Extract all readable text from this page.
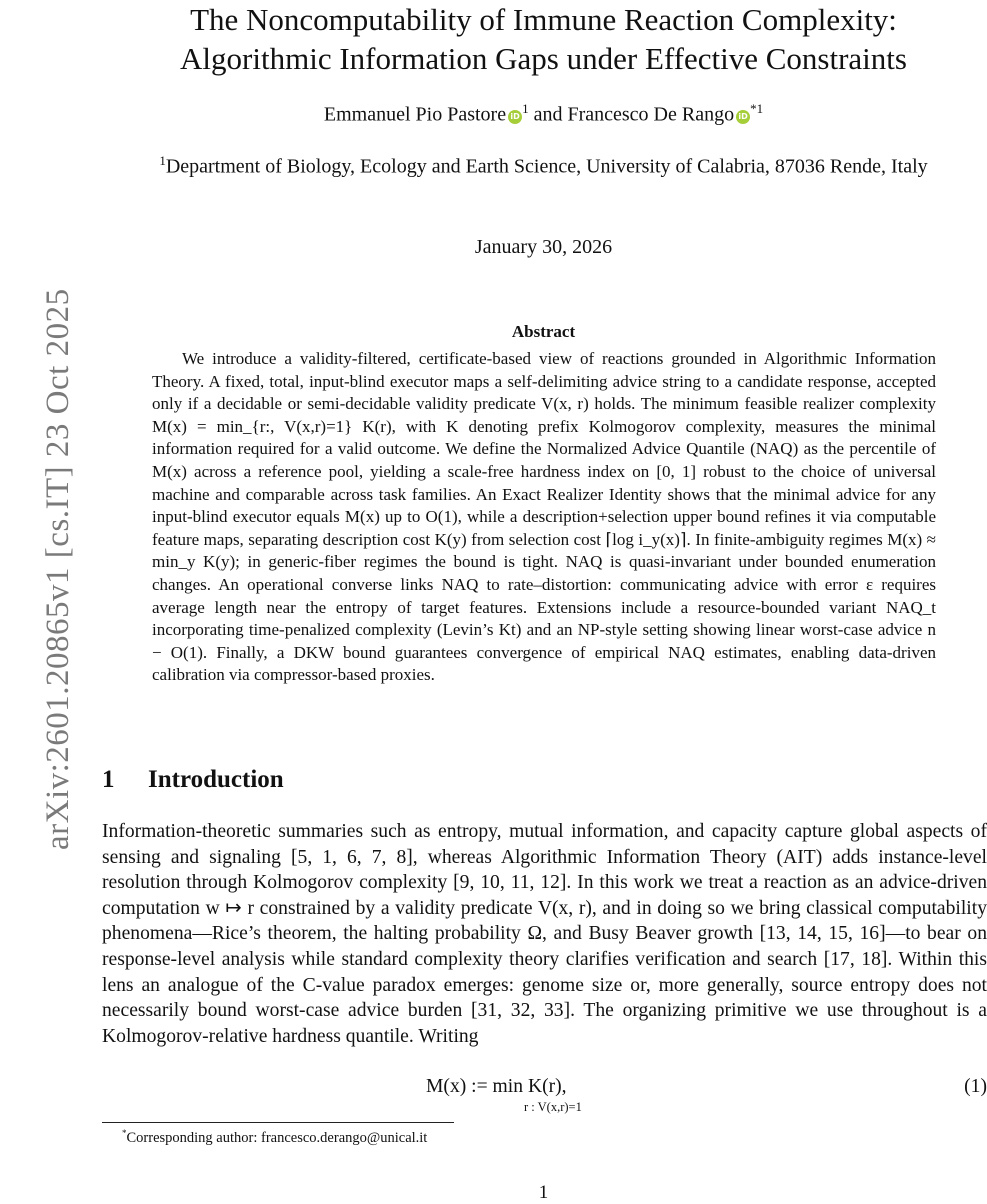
arXiv:2601.20865v1 [cs.IT] 23 Oct 2025
The Noncomputability of Immune Reaction Complexity:
Algorithmic Information Gaps under Effective Constraints
Emmanuel Pio Pastore $iD^1$ and Francesco De Rango $iD^{*1}$
$^1$Department of Biology, Ecology and Earth Science, University of Calabria, 87036 Rende, Italy
January 30, 2026
Abstract

We introduce a validity-filtered, certificate-based view of reactions grounded in Algorithmic Information Theory. A fixed, total, input-blind executor maps a self-delimiting advice string to a candidate response, accepted only if a decidable or semi-decidable validity predicate V(x, r) holds. The minimum feasible realizer complexity M(x) = min_{r:, V(x,r)=1} K(r), with K denoting prefix Kolmogorov complexity, measures the minimal information required for a valid outcome. We define the Normalized Advice Quantile (NAQ) as the percentile of M(x) across a reference pool, yielding a scale-free hardness index on [0, 1] robust to the choice of universal machine and comparable across task families. An Exact Realizer Identity shows that the minimal advice for any input-blind executor equals M(x) up to O(1), while a description+selection upper bound refines it via computable feature maps, separating description cost K(y) from selection cost ⌈log i_y(x)⌉. In finite-ambiguity regimes M(x) ≈ min_y K(y); in generic-fiber regimes the bound is tight. NAQ is quasi-invariant under bounded enumeration changes. An operational converse links NAQ to rate–distortion: communicating advice with error ε requires average length near the entropy of target features. Extensions include a resource-bounded variant NAQ_t incorporating time-penalized complexity (Levin’s Kt) and an NP-style setting showing linear worst-case advice n − O(1). Finally, a DKW bound guarantees convergence of empirical NAQ estimates, enabling data-driven calibration via compressor-based proxies.

1 Introduction

Information-theoretic summaries such as entropy, mutual information, and capacity capture global aspects of sensing and signaling [5, 1, 6, 7, 8], whereas Algorithmic Information Theory (AIT) adds instance-level resolution through Kolmogorov complexity [9, 10, 11, 12]. In this work we treat a reaction as an advice-driven computation w ↦ r constrained by a validity predicate V(x, r), and in doing so we bring classical computability phenomena—Rice’s theorem, the halting probability Ω, and Busy Beaver growth [13, 14, 15, 16]—to bear on response-level analysis while standard complexity theory clarifies verification and search [17, 18]. Within this lens an analogue of the C-value paradox emerges: genome size or, more generally, source entropy does not necessarily bound worst-case advice burden [31, 32, 33]. The organizing primitive we use throughout is a Kolmogorov-relative hardness quantile. Writing

M(x) := min K(r),
r : V(x,r)=1
(1)
*Corresponding author: francesco.derango@unical.it
1
